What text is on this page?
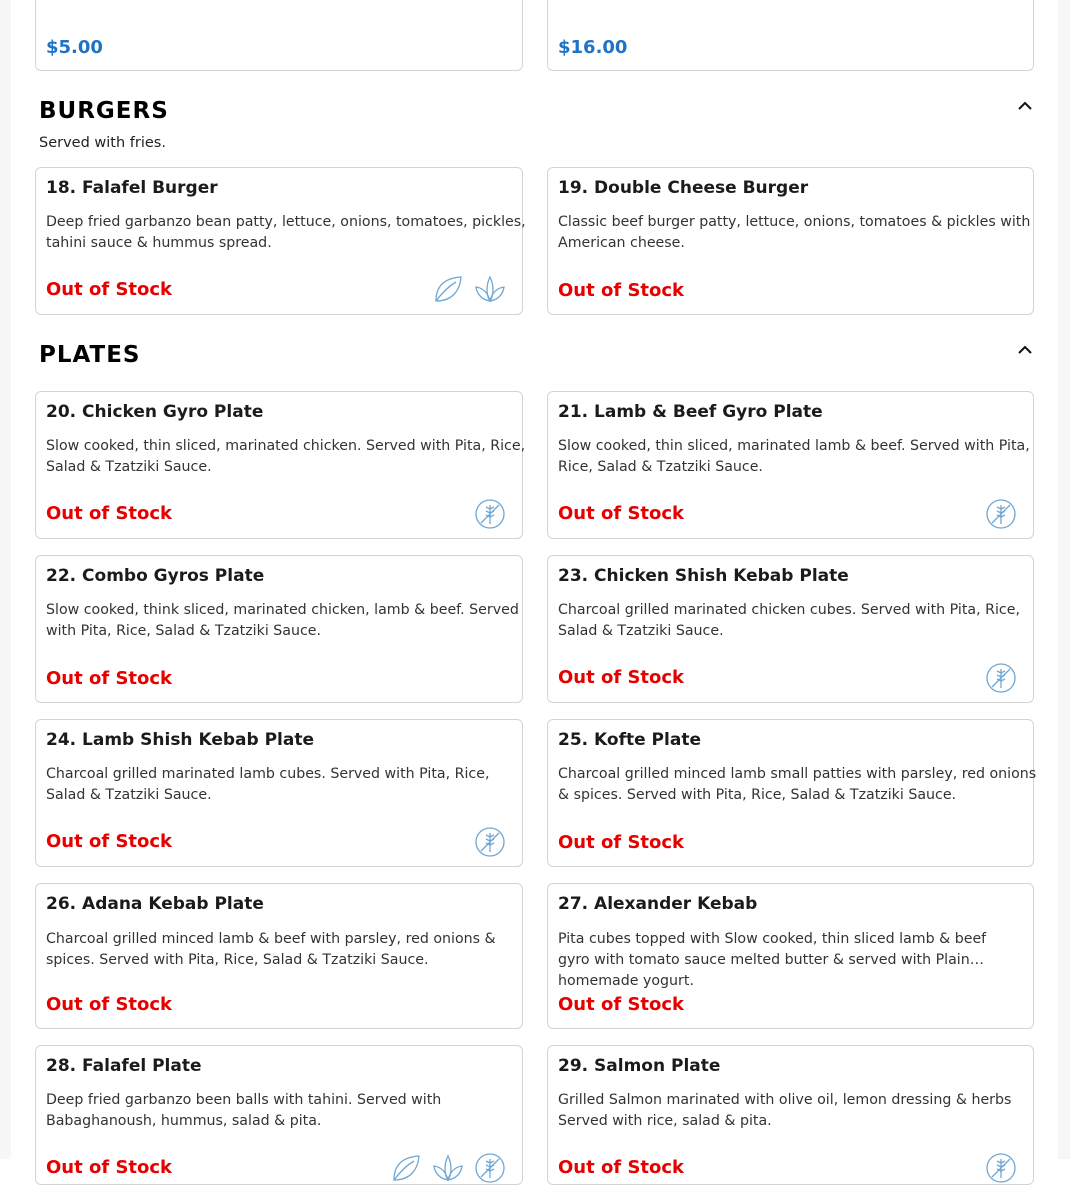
$5.00	$16.00
BURGERS
Served with fries.
18. Falafel Burger
Deep fried garbanzo bean patty, lettuce, onions, tomatoes, pickles, tahini sauce & hummus spread.
Out of Stock
19. Double Cheese Burger
Classic beef burger patty, lettuce, onions, tomatoes & pickles with American cheese.
Out of Stock
PLATES
20. Chicken Gyro Plate
Slow cooked, thin sliced, marinated chicken. Served with Pita, Rice, Salad & Tzatziki Sauce.
Out of Stock
21. Lamb & Beef Gyro Plate
Slow cooked, thin sliced, marinated lamb & beef. Served with Pita, Rice, Salad & Tzatziki Sauce.
Out of Stock
22. Combo Gyros Plate
Slow cooked, think sliced, marinated chicken, lamb & beef. Served with Pita, Rice, Salad & Tzatziki Sauce.
Out of Stock
23. Chicken Shish Kebab Plate
Charcoal grilled marinated chicken cubes. Served with Pita, Rice, Salad & Tzatziki Sauce.
Out of Stock
24. Lamb Shish Kebab Plate
Charcoal grilled marinated lamb cubes. Served with Pita, Rice, Salad & Tzatziki Sauce.
Out of Stock
25. Kofte Plate
Charcoal grilled minced lamb small patties with parsley, red onions & spices. Served with Pita, Rice, Salad & Tzatziki Sauce.
Out of Stock
26. Adana Kebab Plate
Charcoal grilled minced lamb & beef with parsley, red onions & spices. Served with Pita, Rice, Salad & Tzatziki Sauce.
Out of Stock
27. Alexander Kebab
Pita cubes topped with Slow cooked, thin sliced lamb & beef gyro with tomato sauce melted butter & served with Plain homemade yogurt.
Out of Stock
28. Falafel Plate
Deep fried garbanzo been balls with tahini. Served with Babaghanoush, hummus, salad & pita.
Out of Stock
29. Salmon Plate
Grilled Salmon marinated with olive oil, lemon dressing & herbs Served with rice, salad & pita.
Out of Stock
